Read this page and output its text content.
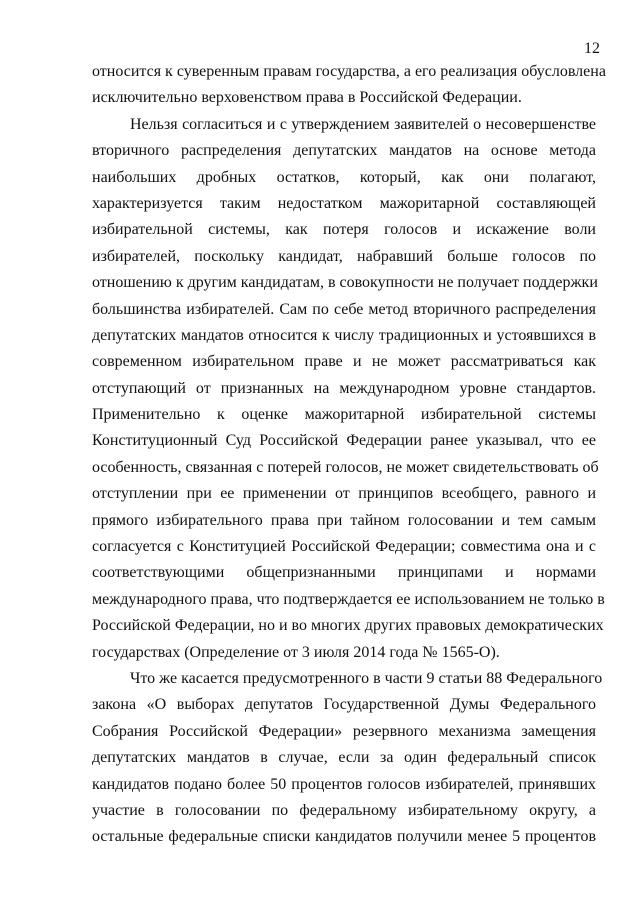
12

относится к суверенным правам государства, а его реализация обусловлена
исключительно верховенством права в Российской Федерации.

Нельзя согласиться и с утверждением заявителей о несовершенстве
вторичного распределения депутатских мандатов на основе метода
наибольших дробных остатков, который, как они полагают,
характеризуется таким недостатком мажоритарной составляющей
избирательной системы, как потеря голосов и искажение воли
избирателей, поскольку кандидат, набравший больше голосов по
отношению к другим кандидатам, в совокупности не получает поддержки
большинства избирателей. Сам по себе метод вторичного распределения
депутатских мандатов относится к числу традиционных и устоявшихся в
современном избирательном праве и не может рассматриваться как
отступающий от признанных на международном уровне стандартов.
Применительно к оценке мажоритарной избирательной системы
Конституционный Суд Российской Федерации ранее указывал, что ее
особенность, связанная с потерей голосов, не может свидетельствовать об
отступлении при ее применении от принципов всеобщего, равного и
прямого избирательного права при тайном голосовании и тем самым
согласуется с Конституцией Российской Федерации; совместима она и с
соответствующими общепризнанными принципами и нормами
международного права, что подтверждается ее использованием не только в
Российской Федерации, но и во многих других правовых демократических
государствах (Определение от 3 июля 2014 года № 1565-О).

Что же касается предусмотренного в части 9 статьи 88 Федерального
закона «О выборах депутатов Государственной Думы Федерального
Собрания Российской Федерации» резервного механизма замещения
депутатских мандатов в случае, если за один федеральный список
кандидатов подано более 50 процентов голосов избирателей, принявших
участие в голосовании по федеральному избирательному округу, а
остальные федеральные списки кандидатов получили менее 5 процентов
